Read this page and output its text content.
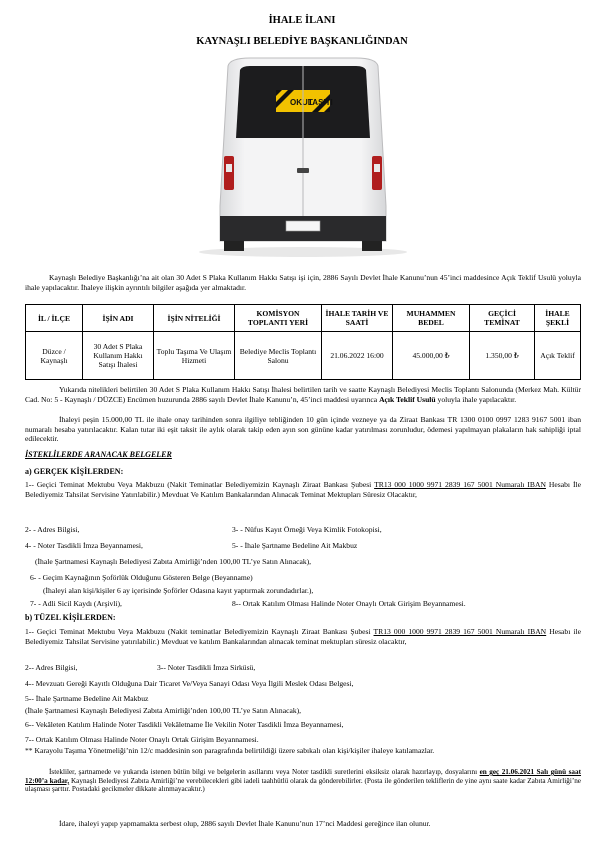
İHALE İLANI
KAYNAŞLI BELEDİYE BAŞKANLIĞINDAN
OKUL
TAŞITI
Kaynaşlı Belediye Başkanlığı’na ait olan 30 Adet S Plaka Kullanım Hakkı Satışı işi için, 2886 Sayılı Devlet İhale Kanunu’nun 45’inci maddesince Açık Teklif Usulü yoluyla ihale yapılacaktır. İhaleye ilişkin ayrıntılı bilgiler aşağıda yer almaktadır.
İL / İLÇE	İŞİN ADI	İŞİN NİTELİĞİ	KOMİSYON TOPLANTI YERİ	İHALE TARİH VE SAATİ	MUHAMMEN BEDEL	GEÇİCİ TEMİNAT	İHALE ŞEKLİ
Düzce / Kaynaşlı	30 Adet S Plaka Kullanım Hakkı Satışı İhalesi	Toplu Taşıma Ve Ulaşım Hizmeti	Belediye Meclis Toplantı Salonu	21.06.2022 16:00	45.000,00 ₺	1.350,00 ₺	Açık Teklif
Yukarıda nitelikleri belirtilen 30 Adet S Plaka Kullanım Hakkı Satışı İhalesi belirtilen tarih ve saatte Kaynaşlı Belediyesi Meclis Toplantı Salonunda (Merkez Mah. Kültür Cad. No: 5 - Kaynaşlı / DÜZCE) Encümen huzurunda 2886 sayılı Devlet İhale Kanunu’n, 45’inci maddesi uyarınca Açık Teklif Usulü yoluyla ihale yapılacaktır.
İhaleyi peşin 15.000,00 TL ile ihale onay tarihinden sonra ilgiliye tebliğinden 10 gün içinde vezneye ya da Ziraat Bankası TR 1300 0100 0997 1283 9167 5001 iban numaralı hesaba yatırılacaktır. Kalan tutar iki eşit taksit ile aylık olarak takip eden ayın son gününe kadar yatırılması zorunludur, ödemesi yapılmayan plakaların hak sahipliği iptal edilecektir.
İSTEKLİLERDE ARANACAK BELGELER
a) GERÇEK KİŞİLERDEN:
1-- Geçici Teminat Mektubu Veya Makbuzu (Nakit Teminatlar Belediyemizin Kaynaşlı Ziraat Bankası Şubesi TR13 000 1000 9971 2839 167 5001 Numaralı IBAN Hesabı İle Belediyemiz Tahsilat Servisine Yatırılabilir.) Mevduat Ve Katılım Bankalarından Alınacak Teminat Mektupları Süresiz Olacaktır,
2- - Adres Bilgisi,	3- - Nüfus Kayıt Örneği Veya Kimlik Fotokopisi,
4- - Noter Tasdikli İmza Beyannamesi,	5- - İhale Şartname Bedeline Ait Makbuz
(İhale Şartnamesi Kaynaşlı Belediyesi Zabıta Amirliği’nden 100,00 TL’ye Satın Alınacak),
6- - Geçim Kaynağının Şoförlük Olduğunu Gösteren Belge (Beyanname)
(İhaleyi alan kişi/kişiler 6 ay içerisinde Şoförler Odasına kayıt yaptırmak zorundadırlar.),
7- - Adli Sicil Kaydı (Arşivli),	8-- Ortak Katılım Olması Halinde Noter Onaylı Ortak Girişim Beyannamesi.
b) TÜZEL KİŞİLERDEN:
1-- Geçici Teminat Mektubu Veya Makbuzu (Nakit teminatlar Belediyemizin Kaynaşlı Ziraat Bankası Şubesi TR13 000 1000 9971 2839 167 5001 Numaralı IBAN Hesabı ile Belediyemiz Tahsilat Servisine yatırılabilir.) Mevduat ve katılım Bankalarından alınacak teminat mektupları süresiz olacaktır,
2-- Adres Bilgisi,	3-- Noter Tasdikli İmza Sirküsü,
4-- Mevzuatı Gereği Kayıtlı Olduğuna Dair Ticaret Ve/Veya Sanayi Odası Veya İlgili Meslek Odası Belgesi,
5-- İhale Şartname Bedeline Ait Makbuz
(İhale Şartnamesi Kaynaşlı Belediyesi Zabıta Amirliği’nden 100,00 TL’ye Satın Alınacak),
6-- Vekâleten Katılım Halinde Noter Tasdikli Vekâletname İle Vekilin Noter Tasdikli İmza Beyannamesi,
7-- Ortak Katılım Olması Halinde Noter Onaylı Ortak Girişim Beyannamesi.
** Karayolu Taşıma Yönetmeliği’nin 12/c maddesinin son paragrafında belirtildiği üzere sabıkalı olan kişi/kişiler ihaleye katılamazlar.
İstekliler, şartnamede ve yukarıda istenen bütün bilgi ve belgelerin asıllarını veya Noter tasdikli suretlerini eksiksiz olarak hazırlayıp, dosyalarını en geç 21.06.2021 Salı günü saat 12:00’a kadar, Kaynaşlı Belediyesi Zabıta Amirliği’ne verebilecekleri gibi iadeli taahhütlü olarak da gönderebilirler. (Posta ile gönderilen tekliflerin de yine aynı saate kadar Zabıta Amirliği’ne ulaşması şarttır. Postadaki gecikmeler dikkate alınmayacaktır.)
İdare, ihaleyi yapıp yapmamakta serbest olup, 2886 sayılı Devlet İhale Kanunu’nun 17’nci Maddesi gereğince ilan olunur.
